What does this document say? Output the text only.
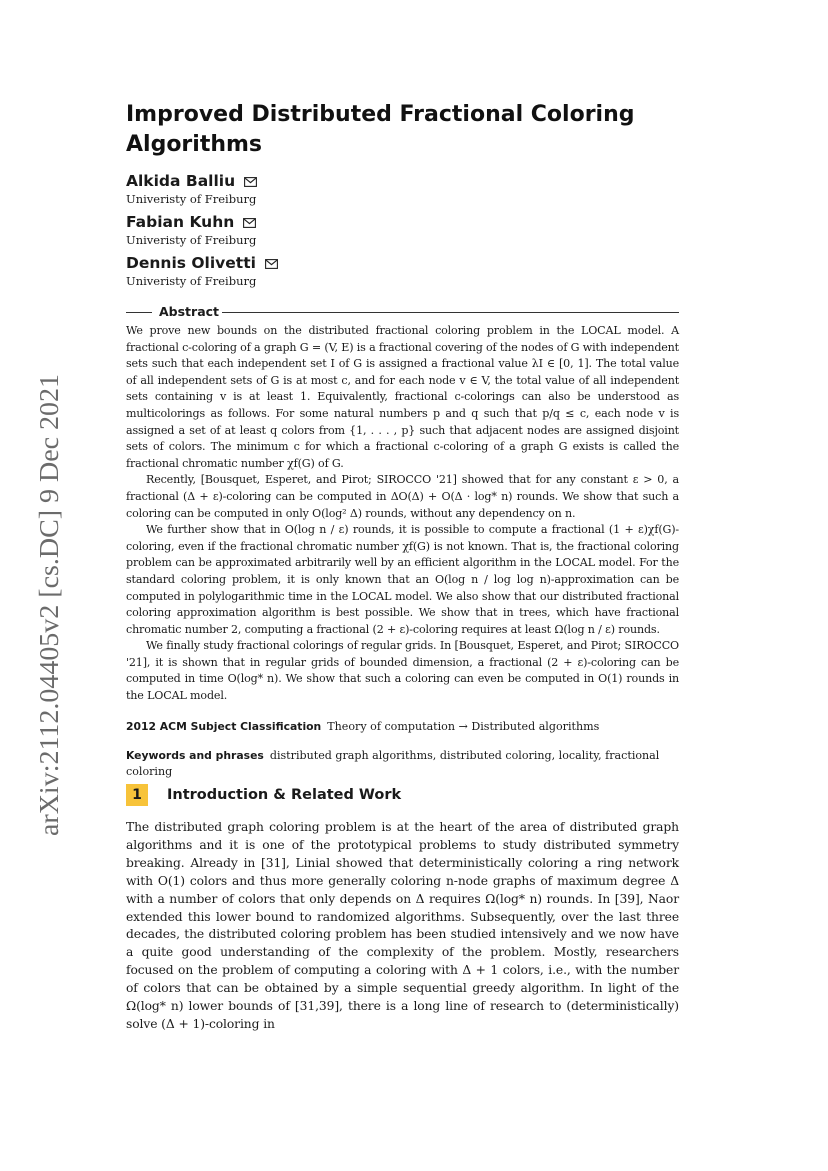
arXiv:2112.04405v2 [cs.DC] 9 Dec 2021
Improved Distributed Fractional Coloring Algorithms
Alkida Balliu
Univeristy of Freiburg
Fabian Kuhn
Univeristy of Freiburg
Dennis Olivetti
Univeristy of Freiburg
Abstract

We prove new bounds on the distributed fractional coloring problem in the LOCAL model. A fractional c-coloring of a graph G = (V, E) is a fractional covering of the nodes of G with independent sets such that each independent set I of G is assigned a fractional value λI ∈ [0, 1]. The total value of all independent sets of G is at most c, and for each node v ∈ V, the total value of all independent sets containing v is at least 1. Equivalently, fractional c-colorings can also be understood as multicolorings as follows. For some natural numbers p and q such that p/q ≤ c, each node v is assigned a set of at least q colors from {1, . . . , p} such that adjacent nodes are assigned disjoint sets of colors. The minimum c for which a fractional c-coloring of a graph G exists is called the fractional chromatic number χf(G) of G.

Recently, [Bousquet, Esperet, and Pirot; SIROCCO '21] showed that for any constant ε > 0, a fractional (Δ + ε)-coloring can be computed in ΔO(Δ) + O(Δ · log* n) rounds. We show that such a coloring can be computed in only O(log² Δ) rounds, without any dependency on n.

We further show that in O(log n / ε) rounds, it is possible to compute a fractional (1 + ε)χf(G)-coloring, even if the fractional chromatic number χf(G) is not known. That is, the fractional coloring problem can be approximated arbitrarily well by an efficient algorithm in the LOCAL model. For the standard coloring problem, it is only known that an O(log n / log log n)-approximation can be computed in polylogarithmic time in the LOCAL model. We also show that our distributed fractional coloring approximation algorithm is best possible. We show that in trees, which have fractional chromatic number 2, computing a fractional (2 + ε)-coloring requires at least Ω(log n / ε) rounds.

We finally study fractional colorings of regular grids. In [Bousquet, Esperet, and Pirot; SIROCCO '21], it is shown that in regular grids of bounded dimension, a fractional (2 + ε)-coloring can be computed in time O(log* n). We show that such a coloring can even be computed in O(1) rounds in the LOCAL model.

2012 ACM Subject Classification Theory of computation → Distributed algorithms
Keywords and phrases distributed graph algorithms, distributed coloring, locality, fractional coloring
1	Introduction & Related Work

The distributed graph coloring problem is at the heart of the area of distributed graph algorithms and it is one of the prototypical problems to study distributed symmetry breaking. Already in [31], Linial showed that deterministically coloring a ring network with O(1) colors and thus more generally coloring n-node graphs of maximum degree Δ with a number of colors that only depends on Δ requires Ω(log* n) rounds. In [39], Naor extended this lower bound to randomized algorithms. Subsequently, over the last three decades, the distributed coloring problem has been studied intensively and we now have a quite good understanding of the complexity of the problem. Mostly, researchers focused on the problem of computing a coloring with Δ + 1 colors, i.e., with the number of colors that can be obtained by a simple sequential greedy algorithm. In light of the Ω(log* n) lower bounds of [31,39], there is a long line of research to (deterministically) solve (Δ + 1)-coloring in
